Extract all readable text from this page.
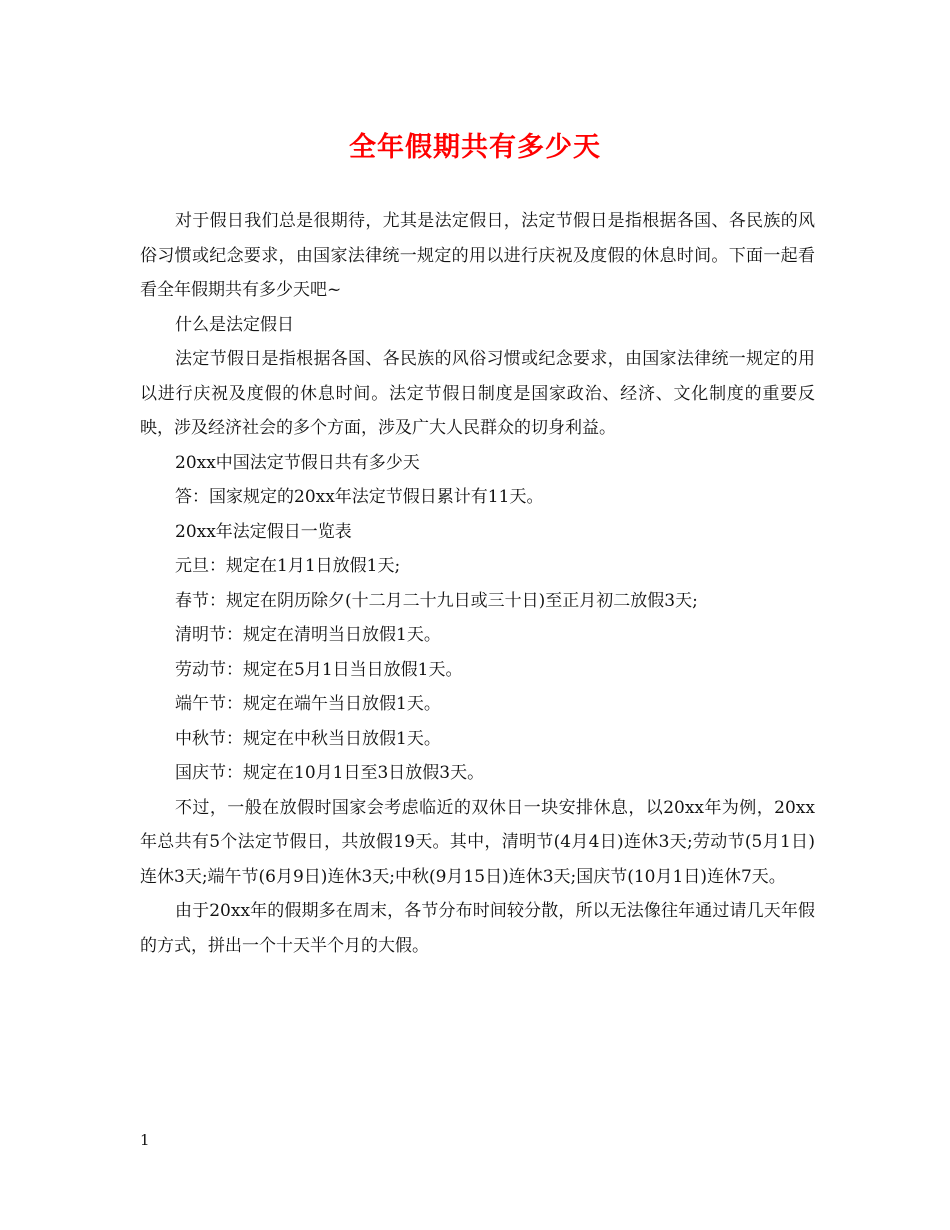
全年假期共有多少天

对于假日我们总是很期待，尤其是法定假日，法定节假日是指根据各国、各民族的风俗习惯或纪念要求，由国家法律统一规定的用以进行庆祝及度假的休息时间。下面一起看看全年假期共有多少天吧~

什么是法定假日

法定节假日是指根据各国、各民族的风俗习惯或纪念要求，由国家法律统一规定的用以进行庆祝及度假的休息时间。法定节假日制度是国家政治、经济、文化制度的重要反映，涉及经济社会的多个方面，涉及广大人民群众的切身利益。

20xx中国法定节假日共有多少天

答：国家规定的20xx年法定节假日累计有11天。

20xx年法定假日一览表

元旦：规定在1月1日放假1天;

春节：规定在阴历除夕(十二月二十九日或三十日)至正月初二放假3天;

清明节：规定在清明当日放假1天。

劳动节：规定在5月1日当日放假1天。

端午节：规定在端午当日放假1天。

中秋节：规定在中秋当日放假1天。

国庆节：规定在10月1日至3日放假3天。

不过，一般在放假时国家会考虑临近的双休日一块安排休息，以20xx年为例，20xx年总共有5个法定节假日，共放假19天。其中，清明节(4月4日)连休3天;劳动节(5月1日)连休3天;端午节(6月9日)连休3天;中秋(9月15日)连休3天;国庆节(10月1日)连休7天。

由于20xx年的假期多在周末，各节分布时间较分散，所以无法像往年通过请几天年假的方式，拼出一个十天半个月的大假。

1
